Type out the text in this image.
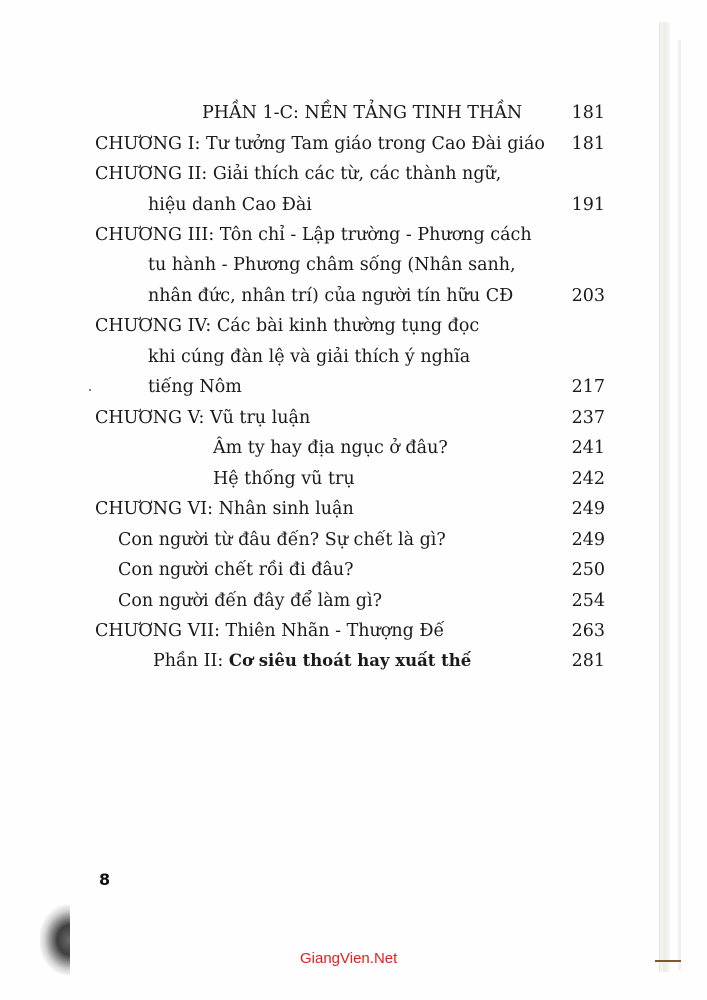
PHẦN 1-C: NỀN TẢNG TINH THẦN	181
CHƯƠNG I: Tư tưởng Tam giáo trong Cao Đài giáo 181
CHƯƠNG II: Giải thích các từ, các thành ngữ,
hiệu danh Cao Đài	191
CHƯƠNG III: Tôn chỉ - Lập trường - Phương cách
tu hành - Phương châm sống (Nhân sanh,
nhân đức, nhân trí) của người tín hữu CĐ	203
CHƯƠNG IV: Các bài kinh thường tụng đọc
khi cúng đàn lệ và giải thích ý nghĩa
tiếng Nôm	217
CHƯƠNG V: Vũ trụ luận	237
Âm ty hay địa ngục ở đâu?	241
Hệ thống vũ trụ	242
CHƯƠNG VI: Nhân sinh luận	249
Con người từ đâu đến? Sự chết là gì?	249
Con người chết rồi đi đâu?	250
Con người đến đây để làm gì?	254
CHƯƠNG VII: Thiên Nhãn - Thượng Đế	263
Phần II: Cơ siêu thoát hay xuất thế	281
8
GiangVien.Net
